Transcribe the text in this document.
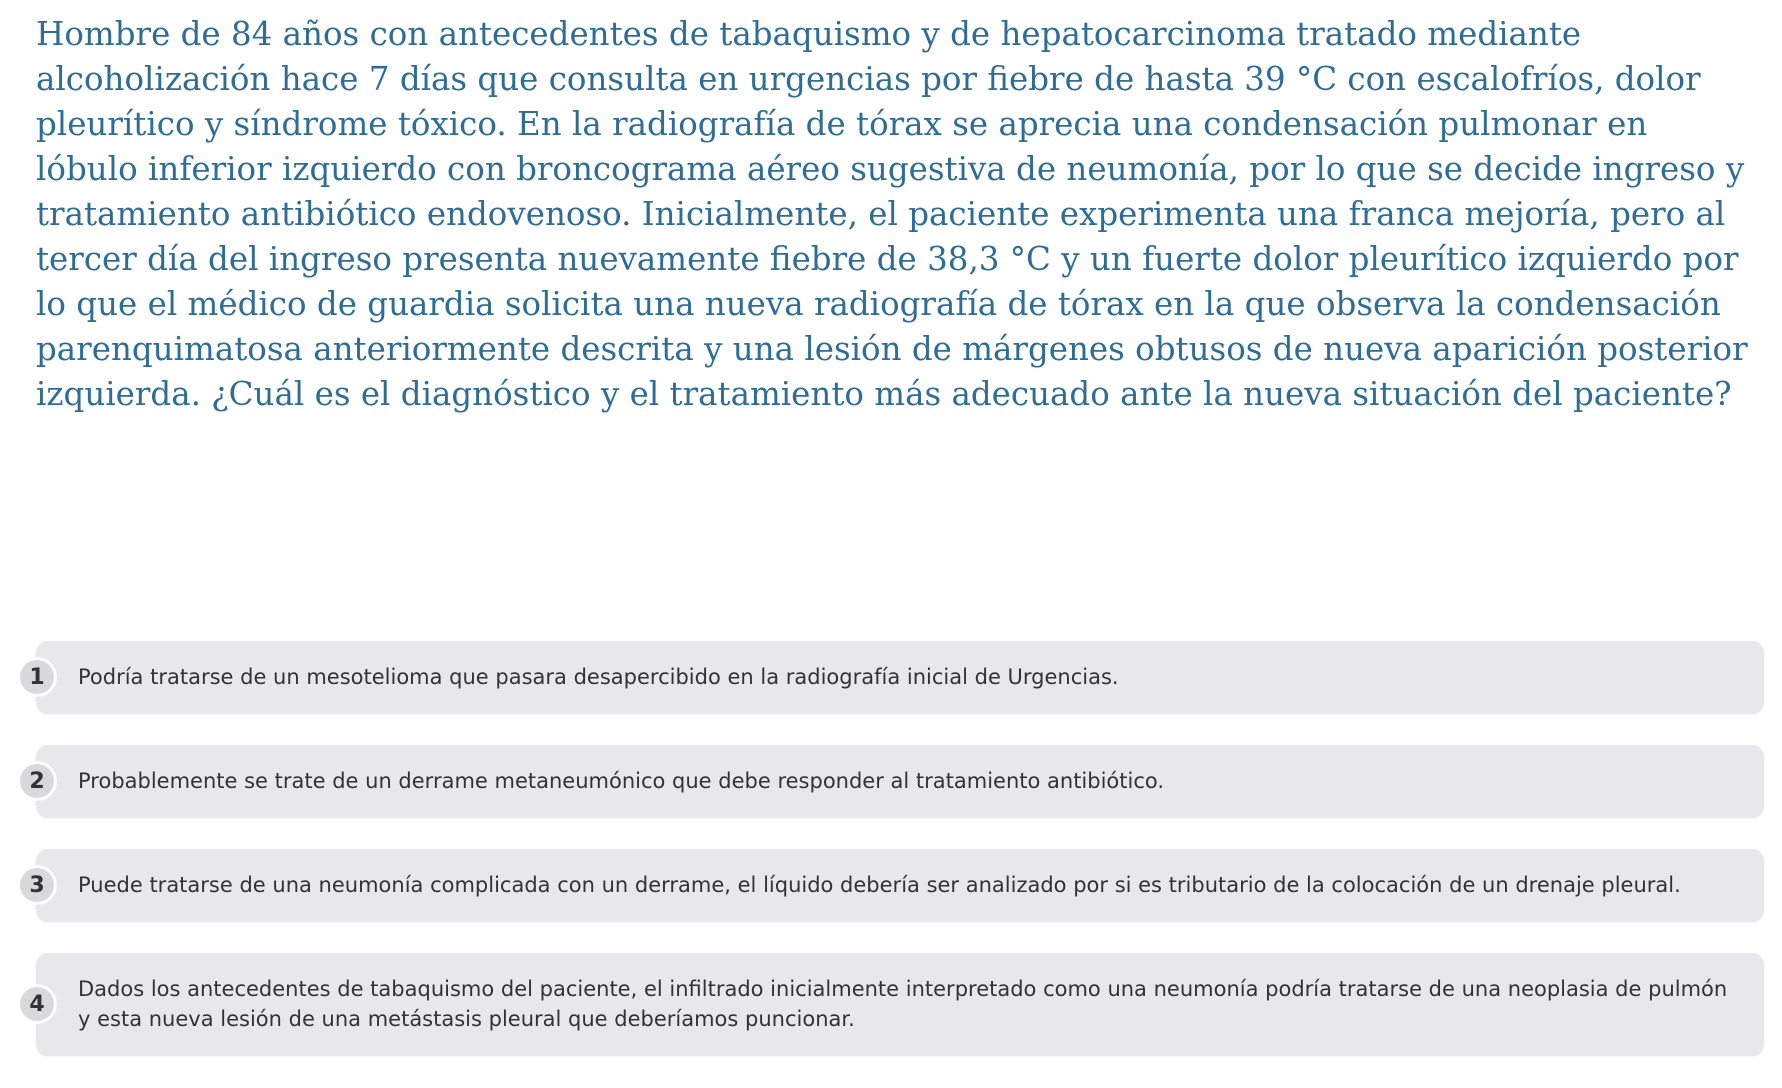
Hombre de 84 años con antecedentes de tabaquismo y de hepatocarcinoma tratado mediante alcoholización hace 7 días que consulta en urgencias por fiebre de hasta 39 °C con escalofríos, dolor pleurítico y síndrome tóxico. En la radiografía de tórax se aprecia una condensación pulmonar en lóbulo inferior izquierdo con broncograma aéreo sugestiva de neumonía, por lo que se decide ingreso y tratamiento antibiótico endovenoso. Inicialmente, el paciente experimenta una franca mejoría, pero al tercer día del ingreso presenta nuevamente fiebre de 38,3 °C y un fuerte dolor pleurítico izquierdo por lo que el médico de guardia solicita una nueva radiografía de tórax en la que observa la condensación parenquimatosa anteriormente descrita y una lesión de márgenes obtusos de nueva aparición posterior izquierda. ¿Cuál es el diagnóstico y el tratamiento más adecuado ante la nueva situación del paciente?

1	Podría tratarse de un mesotelioma que pasara desapercibido en la radiografía inicial de Urgencias.
2	Probablemente se trate de un derrame metaneumónico que debe responder al tratamiento antibiótico.
3	Puede tratarse de una neumonía complicada con un derrame, el líquido debería ser analizado por si es tributario de la colocación de un drenaje pleural.
4
Dados los antecedentes de tabaquismo del paciente, el infiltrado inicialmente interpretado como una neumonía podría tratarse de una neoplasia de pulmón y esta nueva lesión de una metástasis pleural que deberíamos puncionar.
